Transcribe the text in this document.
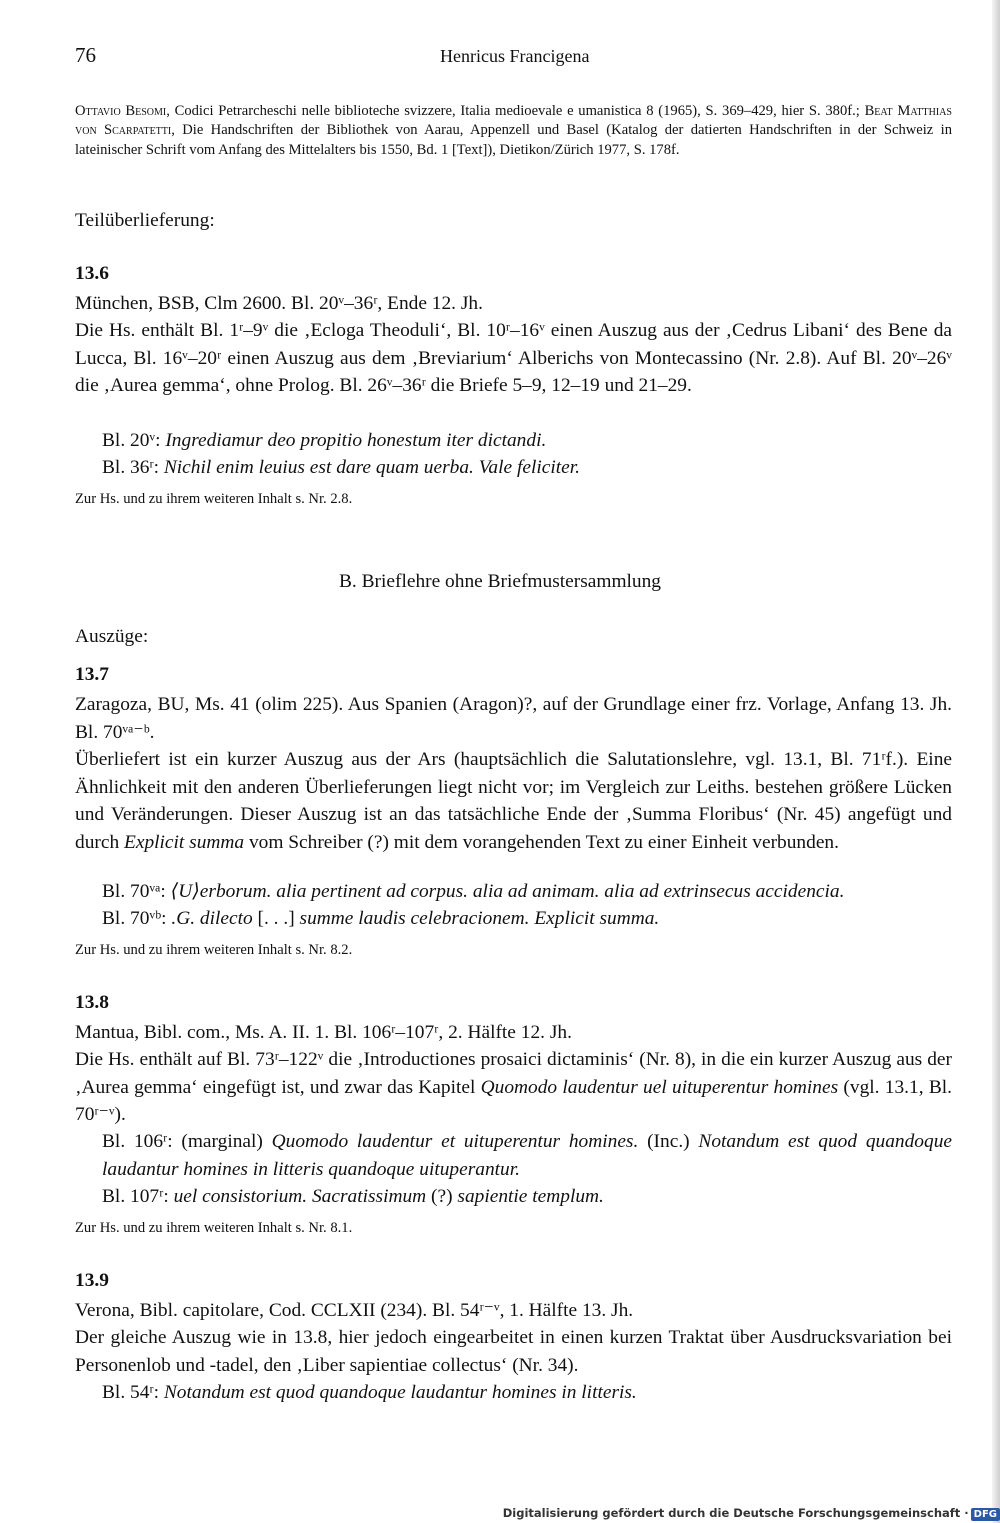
76	Henricus Francigena
Ottavio Besomi, Codici Petrarcheschi nelle biblioteche svizzere, Italia medioevale e umanistica 8 (1965), S. 369–429, hier S. 380f.; Beat Matthias von Scarpatetti, Die Handschriften der Bibliothek von Aarau, Appenzell und Basel (Katalog der datierten Handschriften in der Schweiz in lateinischer Schrift vom Anfang des Mittelalters bis 1550, Bd. 1 [Text]), Dietikon/Zürich 1977, S. 178f.
Teilüberlieferung:
13.6
München, BSB, Clm 2600. Bl. 20ᵛ–36ʳ, Ende 12. Jh.
Die Hs. enthält Bl. 1ʳ–9ᵛ die ‚Ecloga Theoduli‘, Bl. 10ʳ–16ᵛ einen Auszug aus der ‚Cedrus Libani‘ des Bene da Lucca, Bl. 16ᵛ–20ʳ einen Auszug aus dem ‚Breviarium‘ Alberichs von Montecassino (Nr. 2.8). Auf Bl. 20ᵛ–26ᵛ die ‚Aurea gemma‘, ohne Prolog. Bl. 26ᵛ–36ʳ die Briefe 5–9, 12–19 und 21–29.
Bl. 20ᵛ: Ingrediamur deo propitio honestum iter dictandi.
Bl. 36ʳ: Nichil enim leuius est dare quam uerba. Vale feliciter.
Zur Hs. und zu ihrem weiteren Inhalt s. Nr. 2.8.
B. Brieflehre ohne Briefmustersammlung
Auszüge:
13.7
Zaragoza, BU, Ms. 41 (olim 225). Aus Spanien (Aragon)?, auf der Grundlage einer frz. Vorlage, Anfang 13. Jh. Bl. 70ᵛᵃ⁻ᵇ.
Überliefert ist ein kurzer Auszug aus der Ars (hauptsächlich die Salutationslehre, vgl. 13.1, Bl. 71ʳf.). Eine Ähnlichkeit mit den anderen Überlieferungen liegt nicht vor; im Vergleich zur Leiths. bestehen größere Lücken und Veränderungen. Dieser Auszug ist an das tatsächliche Ende der ‚Summa Floribus‘ (Nr. 45) angefügt und durch Explicit summa vom Schreiber (?) mit dem vorangehenden Text zu einer Einheit verbunden.
Bl. 70ᵛᵃ: ⟨U⟩erborum. alia pertinent ad corpus. alia ad animam. alia ad extrinsecus accidencia.
Bl. 70ᵛᵇ: .G. dilecto [. . .] summe laudis celebracionem. Explicit summa.
Zur Hs. und zu ihrem weiteren Inhalt s. Nr. 8.2.
13.8
Mantua, Bibl. com., Ms. A. II. 1. Bl. 106ʳ–107ʳ, 2. Hälfte 12. Jh.
Die Hs. enthält auf Bl. 73ʳ–122ᵛ die ‚Introductiones prosaici dictaminis‘ (Nr. 8), in die ein kurzer Auszug aus der ‚Aurea gemma‘ eingefügt ist, und zwar das Kapitel Quomodo laudentur uel uituperentur homines (vgl. 13.1, Bl. 70ʳ⁻ᵛ).
Bl. 106ʳ: (marginal) Quomodo laudentur et uituperentur homines. (Inc.) Notandum est quod quandoque laudantur homines in litteris quandoque uituperantur.
Bl. 107ʳ: uel consistorium. Sacratissimum (?) sapientie templum.
Zur Hs. und zu ihrem weiteren Inhalt s. Nr. 8.1.
13.9
Verona, Bibl. capitolare, Cod. CCLXII (234). Bl. 54ʳ⁻ᵛ, 1. Hälfte 13. Jh.
Der gleiche Auszug wie in 13.8, hier jedoch eingearbeitet in einen kurzen Traktat über Ausdrucksvariation bei Personenlob und -tadel, den ‚Liber sapientiae collectus‘ (Nr. 34).
Bl. 54ʳ: Notandum est quod quandoque laudantur homines in litteris.
Digitalisierung gefördert durch die Deutsche Forschungsgemeinschaft · DFG
